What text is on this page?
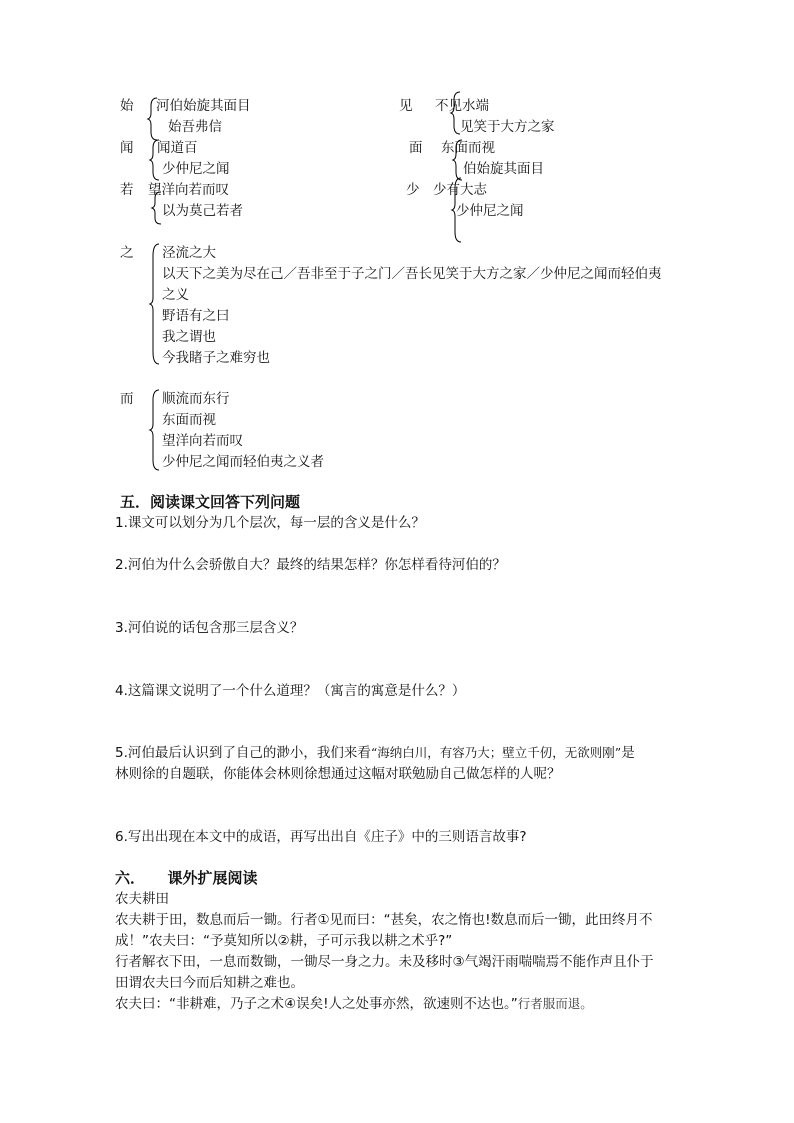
始 河伯始旋其面目
始吾弗信
闻 闻道百
少仲尼之闻
若 望洋向若而叹
以为莫己若者
见 不见水端
见笑于大方之家
面 东面而视
伯始旋其面目
少 少有大志
少仲尼之闻
之 泾流之大
以天下之美为尽在己／吾非至于子之门／吾长见笑于大方之家／少仲尼之闻而轻伯夷
之义
野语有之曰
我之谓也
今我睹子之难穷也
而 顺流而东行
东面而视
望洋向若而叹
少仲尼之闻而轻伯夷之义者
五．阅读课文回答下列问题
1.课文可以划分为几个层次，每一层的含义是什么？
2.河伯为什么会骄傲自大？最终的结果怎样？你怎样看待河伯的？
3.河伯说的话包含那三层含义？
4.这篇课文说明了一个什么道理？（寓言的寓意是什么？）
5.河伯最后认识到了自己的渺小，我们来看“海纳白川，有容乃大；壁立千仞，无欲则刚”是
林则徐的自题联，你能体会林则徐想通过这幅对联勉励自己做怎样的人呢？
6.写出出现在本文中的成语，再写出出自《庄子》中的三则语言故事?
六．　　课外扩展阅读
农夫耕田
农夫耕于田，数息而后一锄。行者①见而曰：“甚矣，农之惰也!数息而后一锄，此田终月不
成！”农夫曰：“予莫知所以②耕，子可示我以耕之术乎?”
行者解衣下田，一息而数锄，一锄尽一身之力。未及移时③气竭汗雨喘喘焉不能作声且仆于
田谓农夫曰今而后知耕之难也。
农夫曰：“非耕难，乃子之术④误矣!人之处事亦然，欲速则不达也。”行者服而退。
